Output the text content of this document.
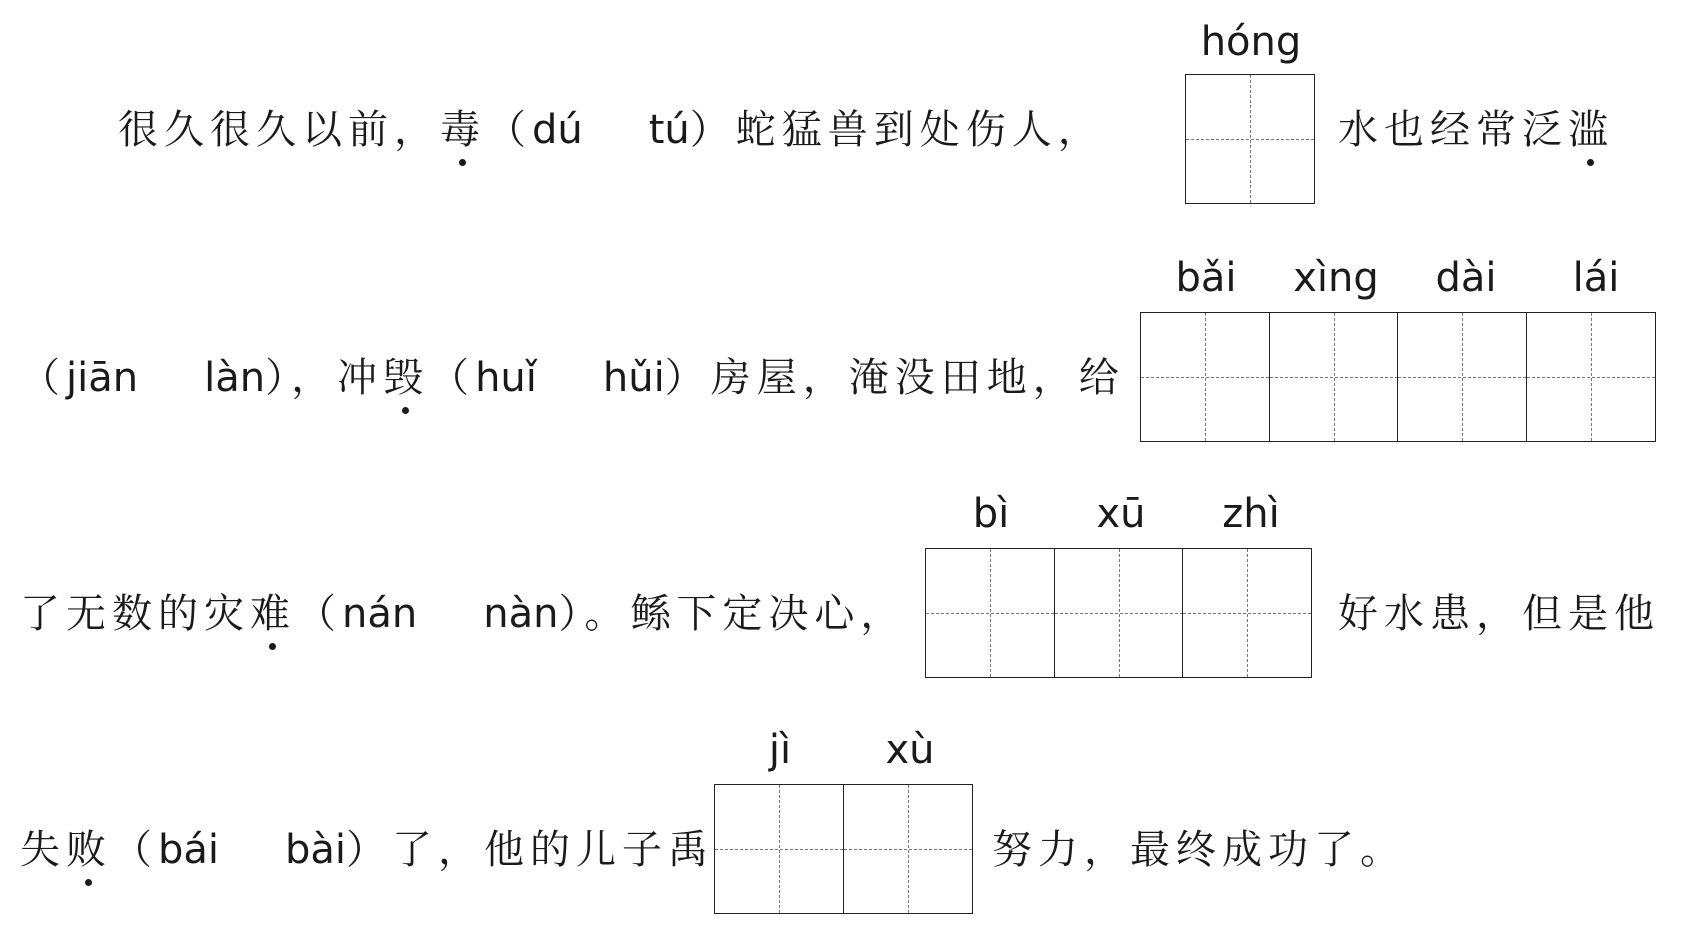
很久很久以前，毒（dú tú）蛇猛兽到处伤人，
hóng
水也经常泛滥
（jiān làn），冲毁（huǐ hǔi）房屋，淹没田地，给
bǎi	xìng	dài	lái
了无数的灾难（nán nàn）。鲧下定决心，
bì	xū	zhì
好水患，但是他
失败（bái bài）了，他的儿子禹
jì	xù
努力，最终成功了。
